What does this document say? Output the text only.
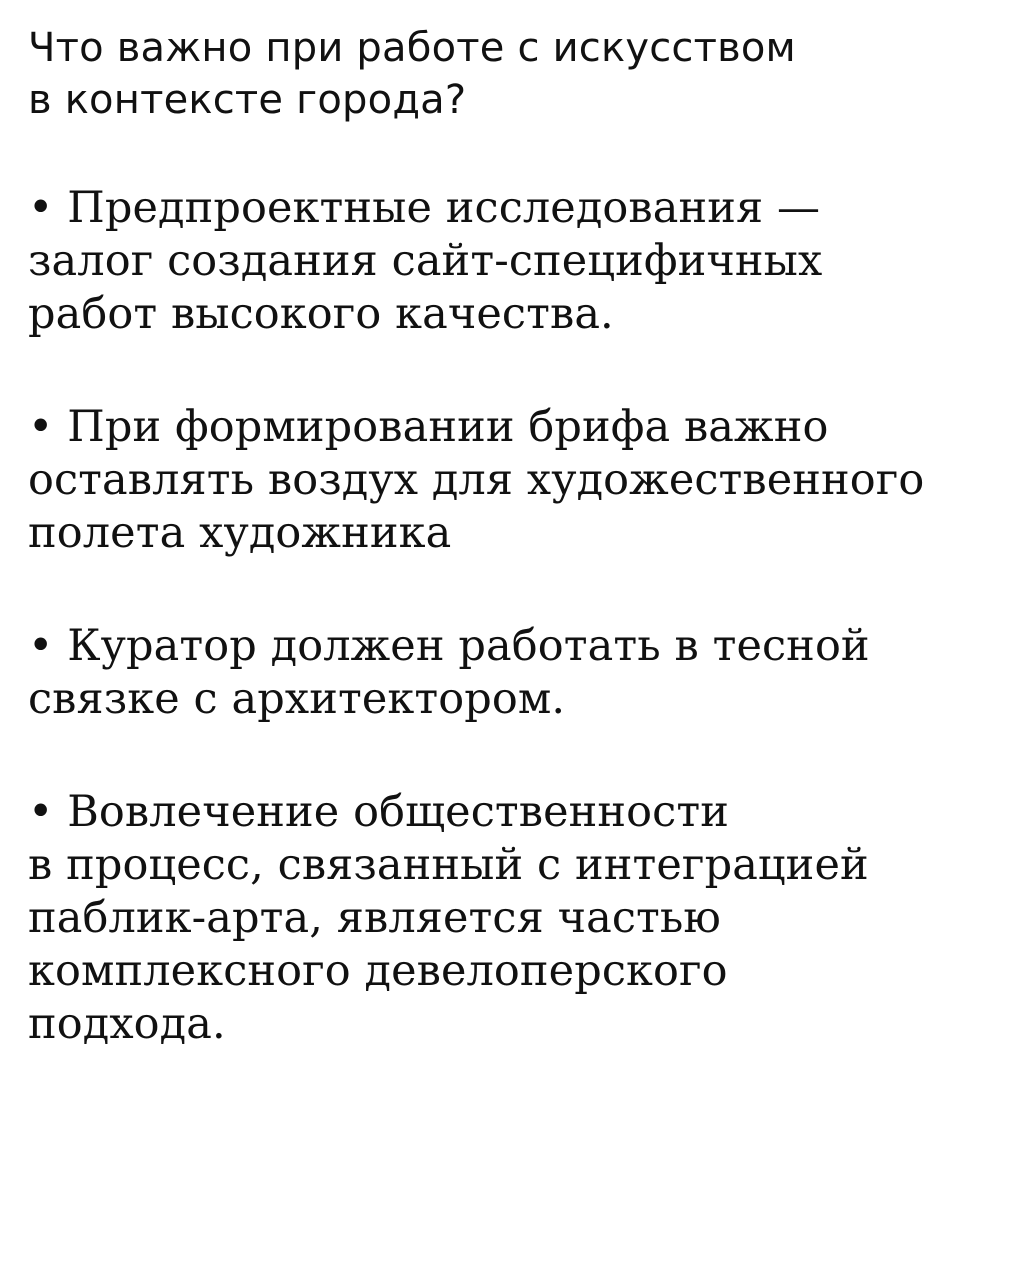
Что важно при работе с искусством
в контексте города?
• Предпроектные исследования —
залог создания сайт-специфичных
работ высокого качества.
• При формировании брифа важно
оставлять воздух для художественного
полета художника
• Куратор должен работать в тесной
связке с архитектором.
• Вовлечение общественности
в процесс, связанный с интеграцией
паблик-арта, является частью
комплексного девелоперского
подхода.
